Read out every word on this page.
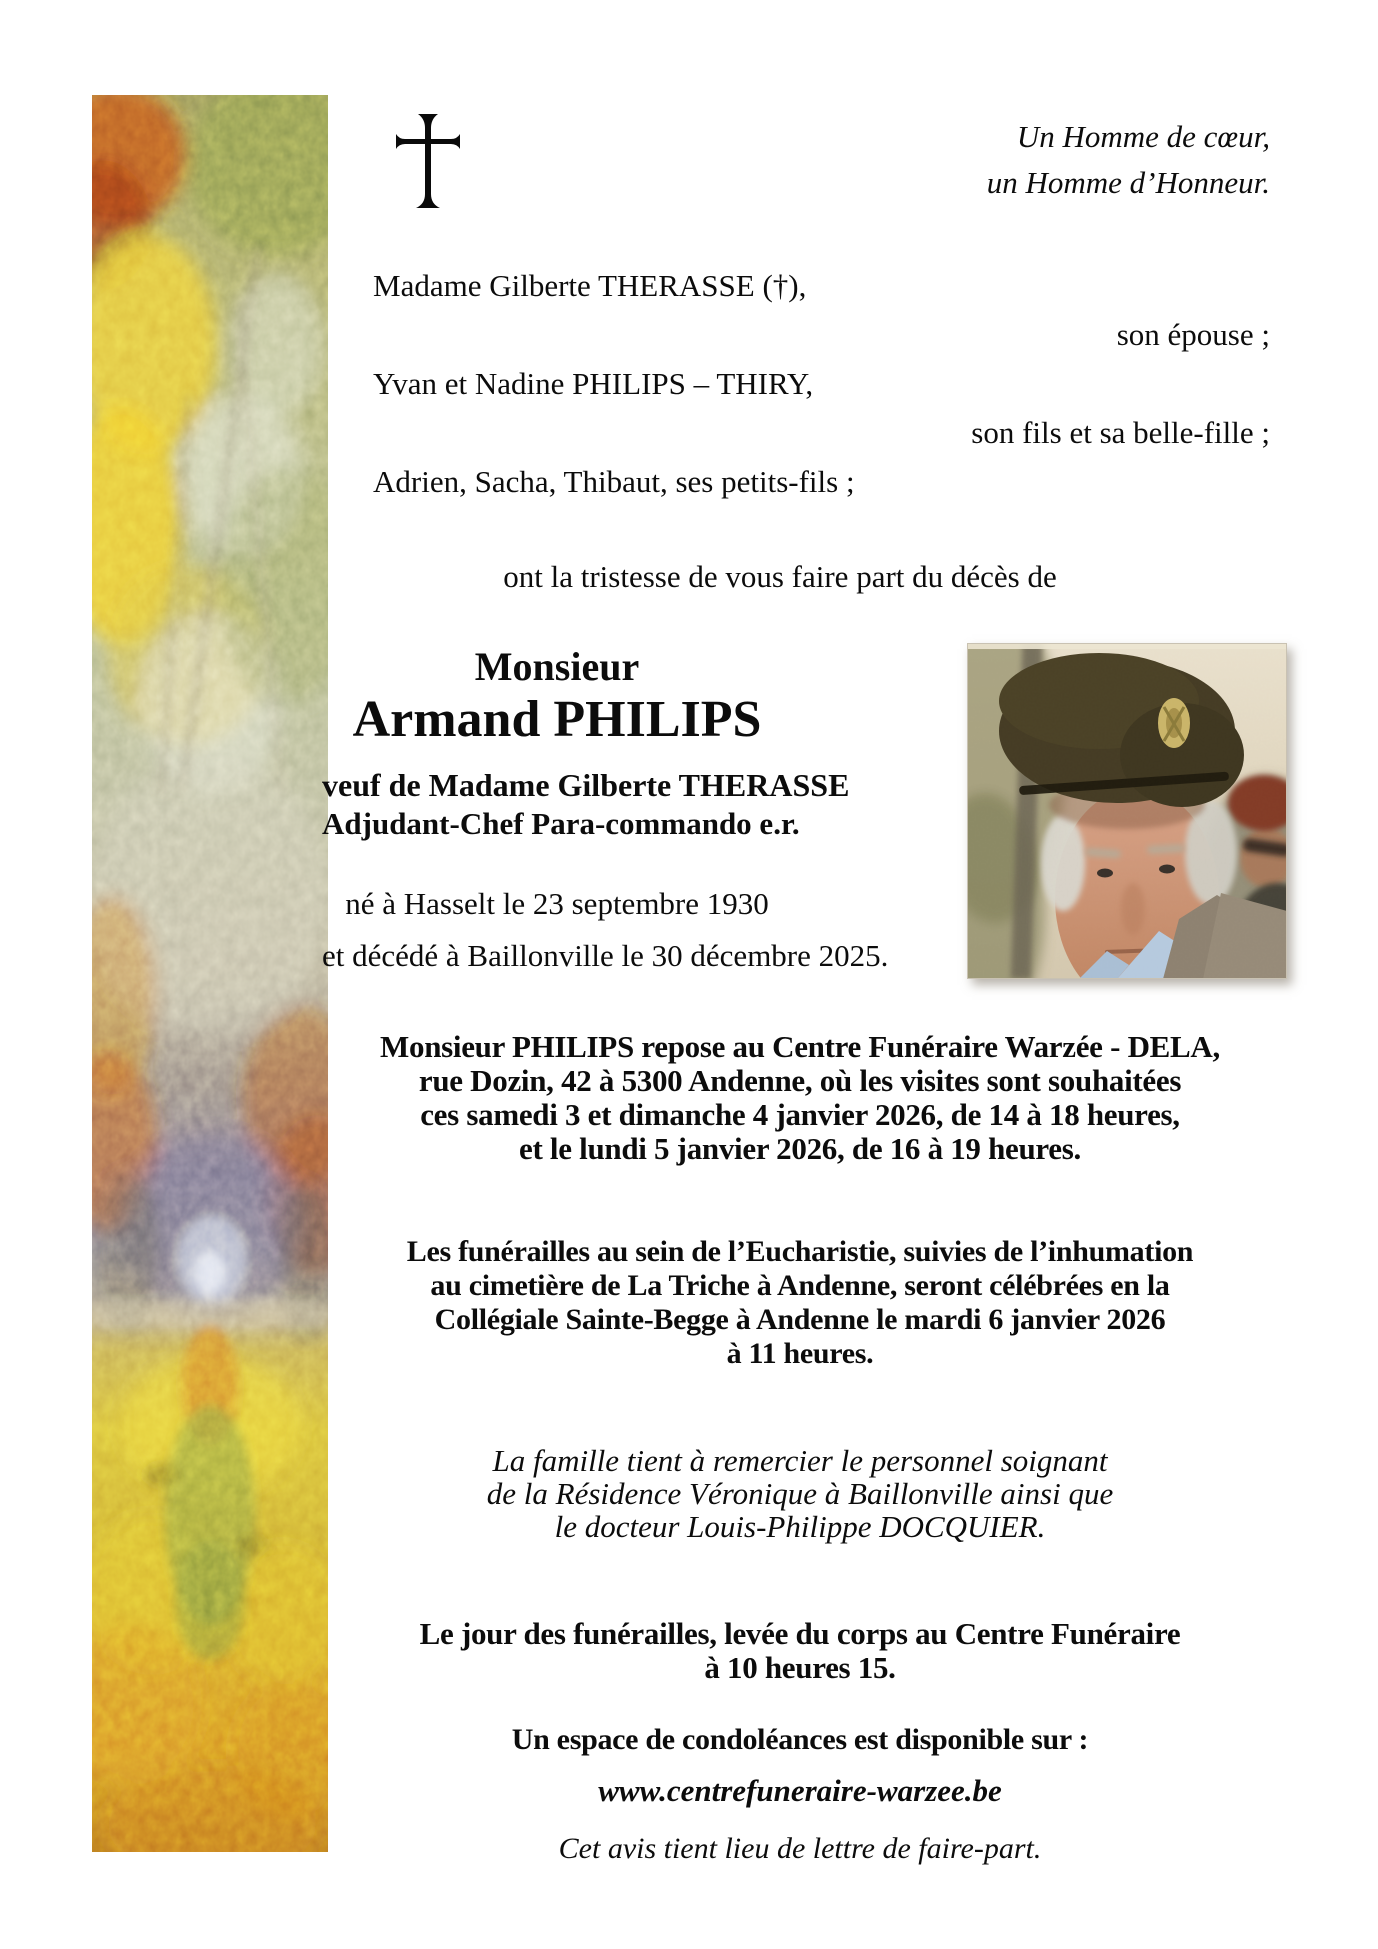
Un Homme de cœur,
un Homme d’Honneur.
Madame Gilberte THERASSE (†),
son épouse ;
Yvan et Nadine PHILIPS – THIRY,
son fils et sa belle-fille ;
Adrien, Sacha, Thibaut, ses petits-fils ;
ont la tristesse de vous faire part du décès de
Monsieur
Armand PHILIPS
veuf de Madame Gilberte THERASSE
Adjudant-Chef Para-commando e.r.
né à Hasselt le 23 septembre 1930
et décédé à Baillonville le 30 décembre 2025.
Monsieur PHILIPS repose au Centre Funéraire Warzée - DELA,
rue Dozin, 42 à 5300 Andenne, où les visites sont souhaitées
ces samedi 3 et dimanche 4 janvier 2026, de 14 à 18 heures,
et le lundi 5 janvier 2026, de 16 à 19 heures.
Les funérailles au sein de l’Eucharistie, suivies de l’inhumation
au cimetière de La Triche à Andenne, seront célébrées en la
Collégiale Sainte-Begge à Andenne le mardi 6 janvier 2026
à 11 heures.
La famille tient à remercier le personnel soignant
de la Résidence Véronique à Baillonville ainsi que
le docteur Louis-Philippe DOCQUIER.
Le jour des funérailles, levée du corps au Centre Funéraire
à 10 heures 15.
Un espace de condoléances est disponible sur :
www.centrefuneraire-warzee.be
Cet avis tient lieu de lettre de faire-part.
